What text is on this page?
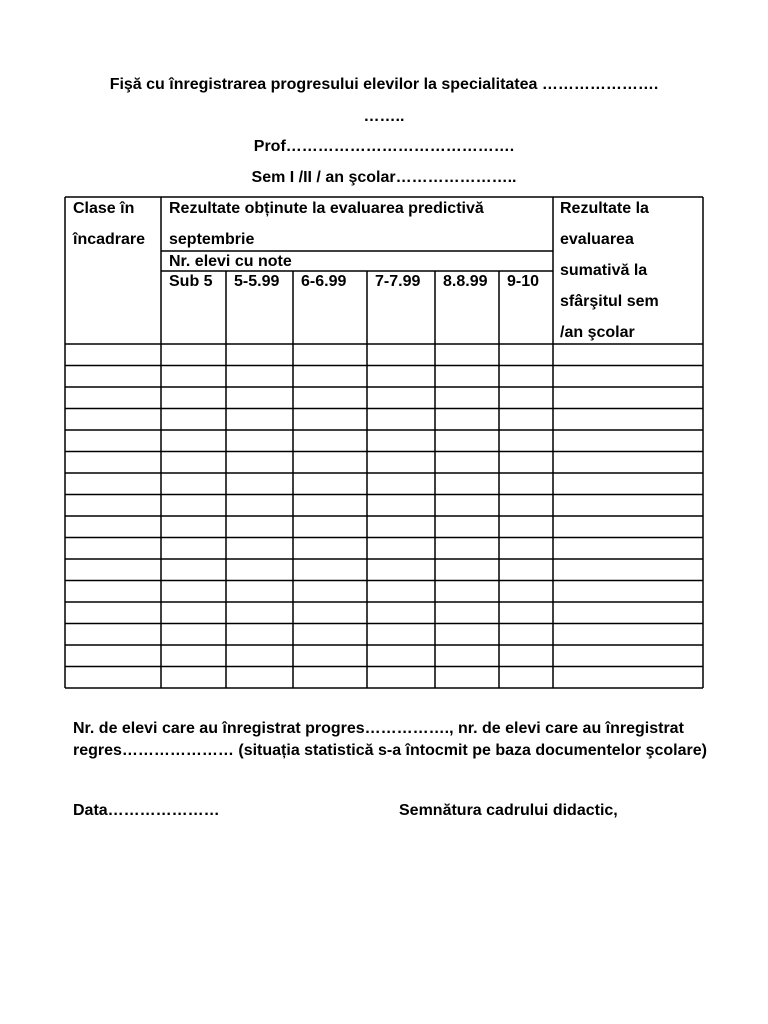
Fişă cu înregistrarea progresului elevilor la specialitatea ………………….
……..
Prof…………………………………….
Sem I /II / an şcolar…………………..
Clase în
încadrare
Rezultate obținute la evaluarea predictivă
septembrie
Nr. elevi cu note
Sub 5 5-5.99 6-6.99 7-7.99 8.8.99 9-10
Rezultate la
evaluarea
sumativă la
sfârşitul sem
/an şcolar

Nr. de elevi care au înregistrat progres……………., nr. de elevi care au înregistrat regres………………… (situația statistică s-a întocmit pe baza documentelor şcolare)

Data…………………	Semnătura cadrului didactic,
